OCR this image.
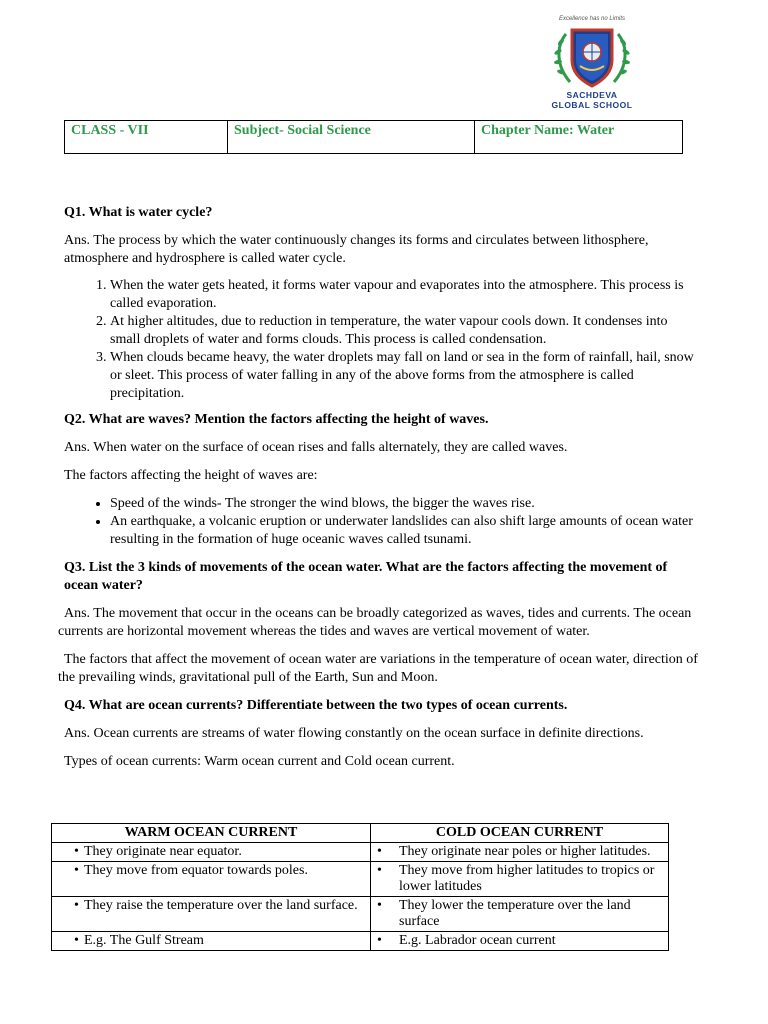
Excellence has no Limits
SACHDEVA
GLOBAL SCHOOL
CLASS - VII	Subject- Social Science	Chapter Name: Water

Q1. What is water cycle?

Ans. The process by which the water continuously changes its forms and circulates between lithosphere, atmosphere and hydrosphere is called water cycle.

1. When the water gets heated, it forms water vapour and evaporates into the atmosphere. This process is called evaporation.
2. At higher altitudes, due to reduction in temperature, the water vapour cools down. It condenses into small droplets of water and forms clouds. This process is called condensation.
3. When clouds became heavy, the water droplets may fall on land or sea in the form of rainfall, hail, snow or sleet. This process of water falling in any of the above forms from the atmosphere is called precipitation.

Q2. What are waves? Mention the factors affecting the height of waves.

Ans. When water on the surface of ocean rises and falls alternately, they are called waves.

The factors affecting the height of waves are:

• Speed of the winds- The stronger the wind blows, the bigger the waves rise.
• An earthquake, a volcanic eruption or underwater landslides can also shift large amounts of ocean water resulting in the formation of huge oceanic waves called tsunami.

Q3. List the 3 kinds of movements of the ocean water. What are the factors affecting the movement of ocean water?

Ans. The movement that occur in the oceans can be broadly categorized as waves, tides and currents. The ocean currents are horizontal movement whereas the tides and waves are vertical movement of water.

The factors that affect the movement of ocean water are variations in the temperature of ocean water, direction of the prevailing winds, gravitational pull of the Earth, Sun and Moon.

Q4. What are ocean currents? Differentiate between the two types of ocean currents.

Ans. Ocean currents are streams of water flowing constantly on the ocean surface in definite directions.

Types of ocean currents: Warm ocean current and Cold ocean current.

WARM OCEAN CURRENT	COLD OCEAN CURRENT

• They originate near equator.	• They originate near poles or higher latitudes.

• They move from equator towards poles.	• They move from higher latitudes to tropics or lower latitudes

• They raise the temperature over the land surface.	• They lower the temperature over the land surface

• E.g. The Gulf Stream	• E.g. Labrador ocean current
